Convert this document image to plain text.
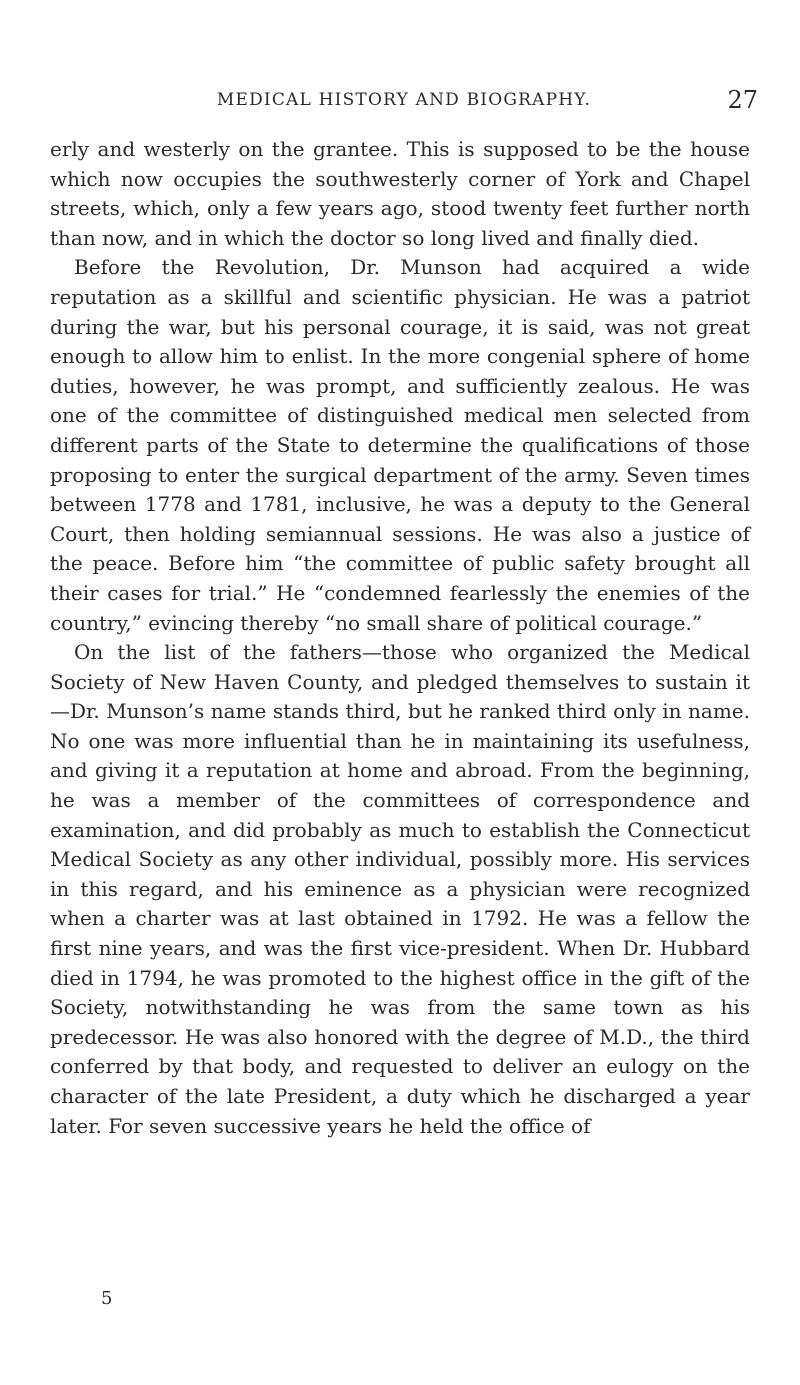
MEDICAL HISTORY AND BIOGRAPHY.	27

erly and westerly on the grantee. This is supposed to be the house which now occupies the southwesterly corner of York and Chapel streets, which, only a few years ago, stood twenty feet further north than now, and in which the doctor so long lived and finally died.

Before the Revolution, Dr. Munson had acquired a wide reputation as a skillful and scientific physician. He was a patriot during the war, but his personal courage, it is said, was not great enough to allow him to enlist. In the more congenial sphere of home duties, however, he was prompt, and sufficiently zealous. He was one of the committee of distinguished medical men selected from different parts of the State to determine the qualifications of those proposing to enter the surgical department of the army. Seven times between 1778 and 1781, inclusive, he was a deputy to the General Court, then holding semiannual sessions. He was also a justice of the peace. Before him “the committee of public safety brought all their cases for trial.” He “condemned fearlessly the enemies of the country,” evincing thereby “no small share of political courage.”

On the list of the fathers—those who organized the Medical Society of New Haven County, and pledged themselves to sustain it—Dr. Munson’s name stands third, but he ranked third only in name. No one was more influential than he in maintaining its usefulness, and giving it a reputation at home and abroad. From the beginning, he was a member of the committees of correspondence and examination, and did probably as much to establish the Connecticut Medical Society as any other individual, possibly more. His services in this regard, and his eminence as a physician were recognized when a charter was at last obtained in 1792. He was a fellow the first nine years, and was the first vice-president. When Dr. Hubbard died in 1794, he was promoted to the highest office in the gift of the Society, notwithstanding he was from the same town as his predecessor. He was also honored with the degree of M.D., the third conferred by that body, and requested to deliver an eulogy on the character of the late President, a duty which he discharged a year later. For seven successive years he held the office of

5
